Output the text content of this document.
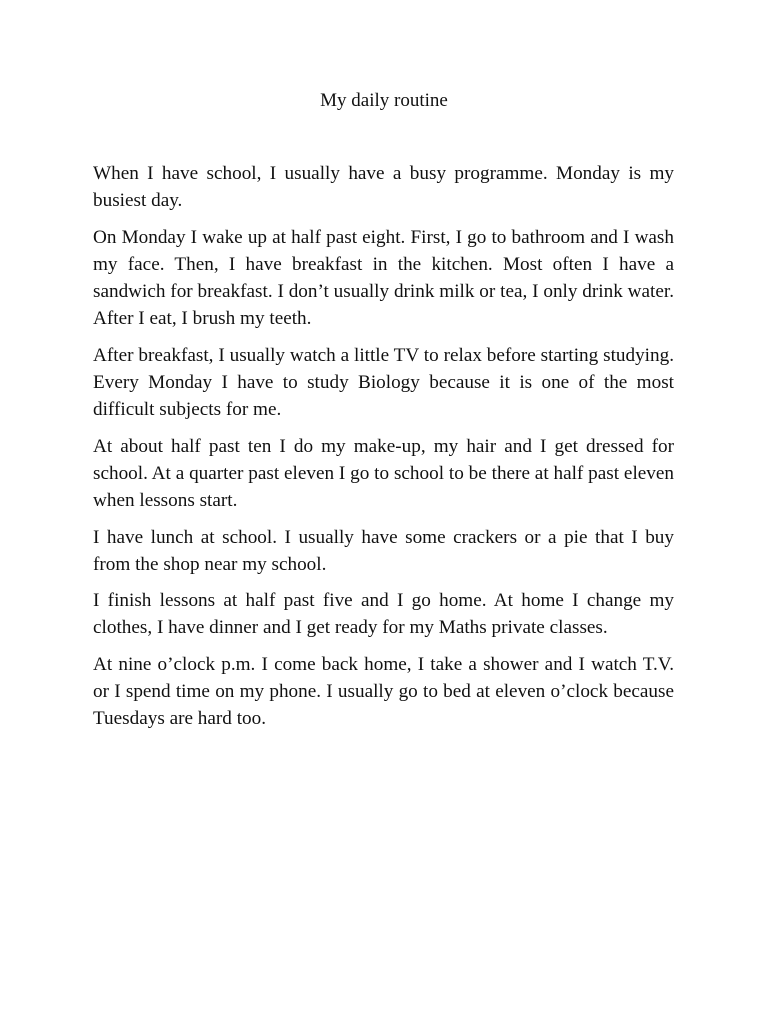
My daily routine

When I have school, I usually have a busy programme. Monday is my busiest day.

On Monday I wake up at half past eight. First, I go to bathroom and I wash my face. Then, I have breakfast in the kitchen. Most often I have a sandwich for breakfast. I don’t usually drink milk or tea, I only drink water. After I eat, I brush my teeth.

After breakfast, I usually watch a little TV to relax before starting studying. Every Monday I have to study Biology because it is one of the most difficult subjects for me.

At about half past ten I do my make-up, my hair and I get dressed for school. At a quarter past eleven I go to school to be there at half past eleven when lessons start.

I have lunch at school. I usually have some crackers or a pie that I buy from the shop near my school.

I finish lessons at half past five and I go home. At home I change my clothes, I have dinner and I get ready for my Maths private classes.

At nine o’clock p.m. I come back home, I take a shower and I watch T.V. or I spend time on my phone. I usually go to bed at eleven o’clock because Tuesdays are hard too.
